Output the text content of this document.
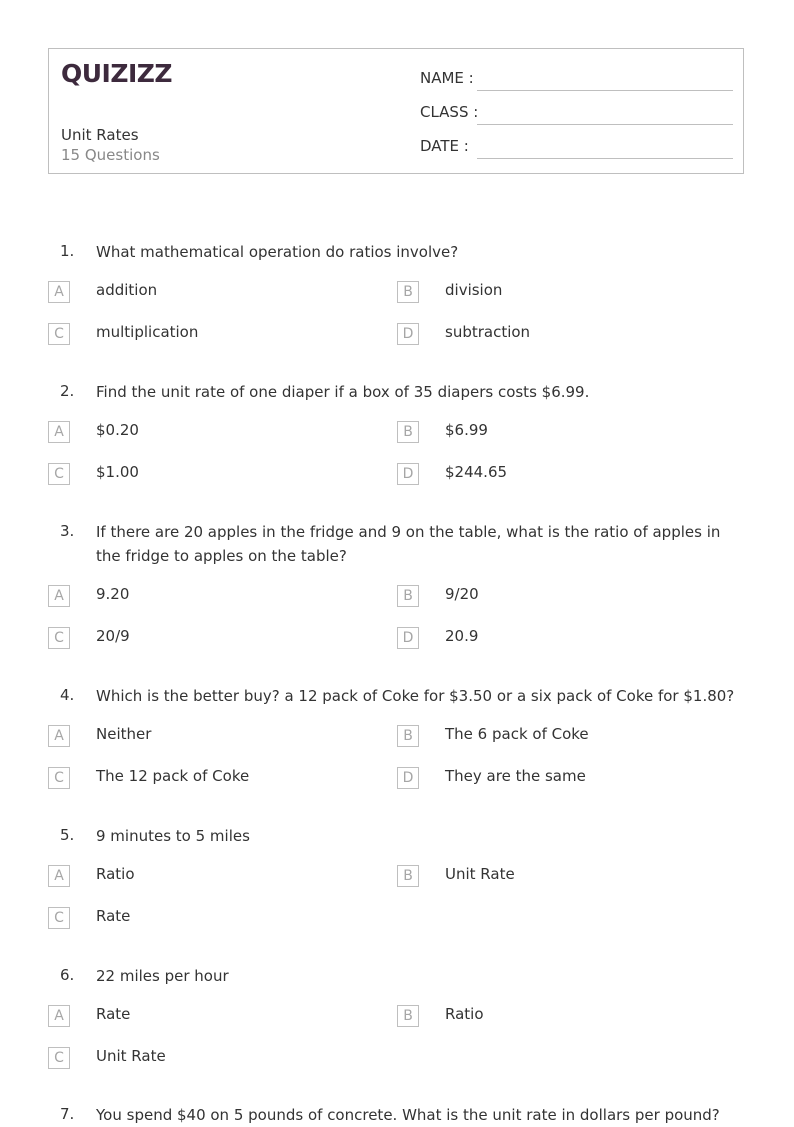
QUIZIZZ
Unit Rates
15 Questions
NAME :
CLASS :
DATE :
1. What mathematical operation do ratios involve?
A	addition	B	division
C	multiplication	D	subtraction
2. Find the unit rate of one diaper if a box of 35 diapers costs $6.99.
A	$0.20	B	$6.99
C	$1.00	D	$244.65
3. If there are 20 apples in the fridge and 9 on the table, what is the ratio of apples in the fridge to apples on the table?
A	9.20	B	9/20
C	20/9	D	20.9
4. Which is the better buy? a 12 pack of Coke for $3.50 or a six pack of Coke for $1.80?
A	Neither	B	The 6 pack of Coke
C	The 12 pack of Coke	D	They are the same
5. 9 minutes to 5 miles
A	Ratio	B	Unit Rate
C	Rate
6. 22 miles per hour
A	Rate	B	Ratio
C	Unit Rate
7. You spend $40 on 5 pounds of concrete. What is the unit rate in dollars per pound?
